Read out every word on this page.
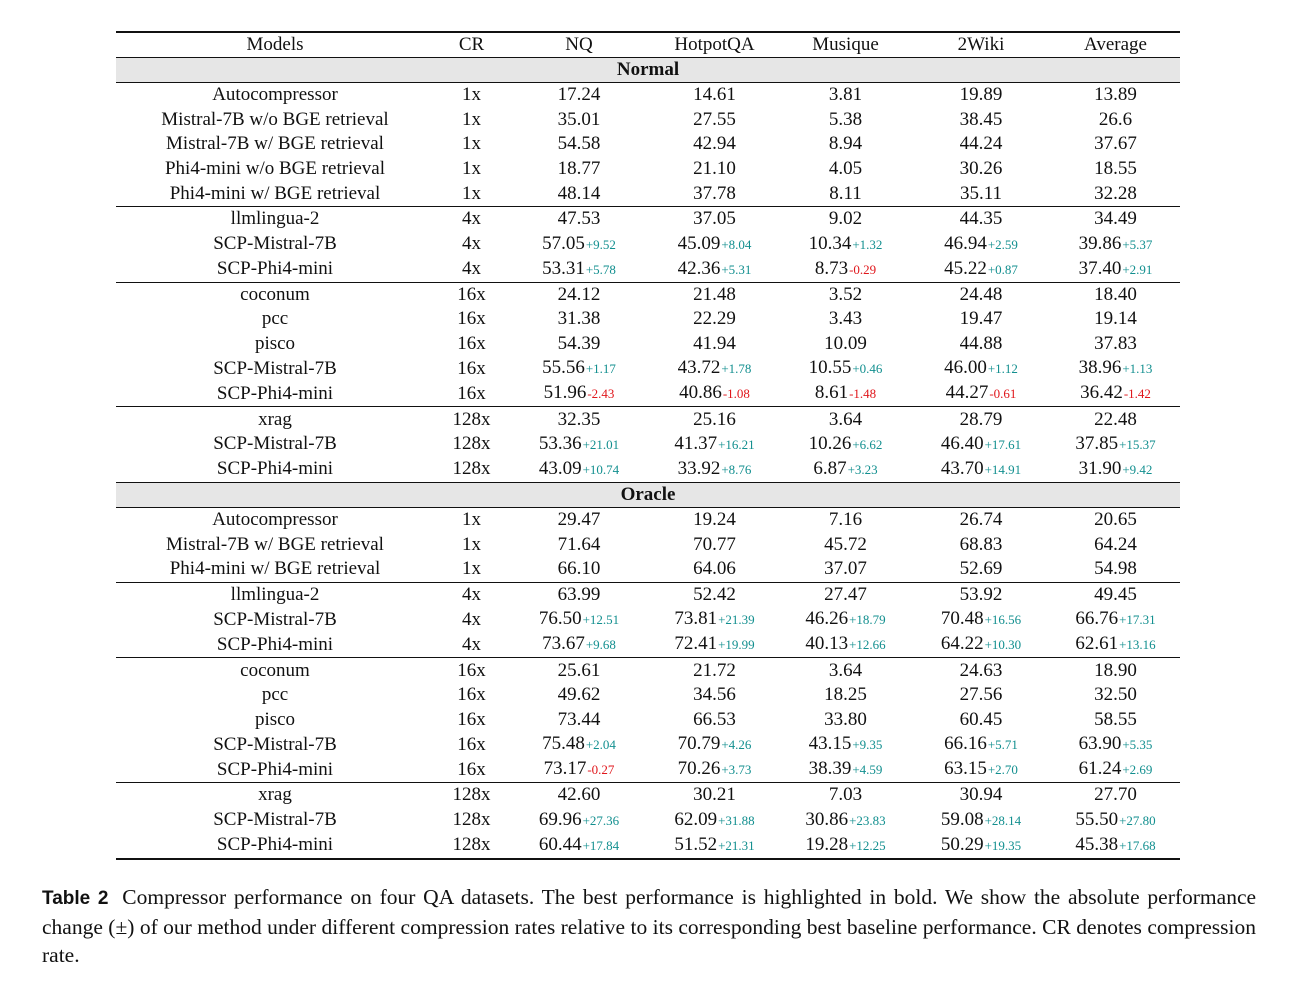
Models	CR	NQ	HotpotQA	Musique	2Wiki	Average
Normal						
Autocompressor	1x	17.24	14.61	3.81	19.89	13.89
Mistral-7B w/o BGE retrieval	1x	35.01	27.55	5.38	38.45	26.6
Mistral-7B w/ BGE retrieval	1x	54.58	42.94	8.94	44.24	37.67
Phi4-mini w/o BGE retrieval	1x	18.77	21.10	4.05	30.26	18.55
Phi4-mini w/ BGE retrieval	1x	48.14	37.78	8.11	35.11	32.28
llmlingua-2	4x	47.53	37.05	9.02	44.35	34.49
SCP-Mistral-7B	4x	57.05+9.52	45.09+8.04	10.34+1.32	46.94+2.59	39.86+5.37
SCP-Phi4-mini	4x	53.31+5.78	42.36+5.31	8.73-0.29	45.22+0.87	37.40+2.91
coconum	16x	24.12	21.48	3.52	24.48	18.40
pcc	16x	31.38	22.29	3.43	19.47	19.14
pisco	16x	54.39	41.94	10.09	44.88	37.83
SCP-Mistral-7B	16x	55.56+1.17	43.72+1.78	10.55+0.46	46.00+1.12	38.96+1.13
SCP-Phi4-mini	16x	51.96-2.43	40.86-1.08	8.61-1.48	44.27-0.61	36.42-1.42
xrag	128x	32.35	25.16	3.64	28.79	22.48
SCP-Mistral-7B	128x	53.36+21.01	41.37+16.21	10.26+6.62	46.40+17.61	37.85+15.37
SCP-Phi4-mini	128x	43.09+10.74	33.92+8.76	6.87+3.23	43.70+14.91	31.90+9.42
Oracle						
Autocompressor	1x	29.47	19.24	7.16	26.74	20.65
Mistral-7B w/ BGE retrieval	1x	71.64	70.77	45.72	68.83	64.24
Phi4-mini w/ BGE retrieval	1x	66.10	64.06	37.07	52.69	54.98
llmlingua-2	4x	63.99	52.42	27.47	53.92	49.45
SCP-Mistral-7B	4x	76.50+12.51	73.81+21.39	46.26+18.79	70.48+16.56	66.76+17.31
SCP-Phi4-mini	4x	73.67+9.68	72.41+19.99	40.13+12.66	64.22+10.30	62.61+13.16
coconum	16x	25.61	21.72	3.64	24.63	18.90
pcc	16x	49.62	34.56	18.25	27.56	32.50
pisco	16x	73.44	66.53	33.80	60.45	58.55
SCP-Mistral-7B	16x	75.48+2.04	70.79+4.26	43.15+9.35	66.16+5.71	63.90+5.35
SCP-Phi4-mini	16x	73.17-0.27	70.26+3.73	38.39+4.59	63.15+2.70	61.24+2.69
xrag	128x	42.60	30.21	7.03	30.94	27.70
SCP-Mistral-7B	128x	69.96+27.36	62.09+31.88	30.86+23.83	59.08+28.14	55.50+27.80
SCP-Phi4-mini	128x	60.44+17.84	51.52+21.31	19.28+12.25	50.29+19.35	45.38+17.68
Table 2 Compressor performance on four QA datasets. The best performance is highlighted in bold. We show the absolute performance change (±) of our method under different compression rates relative to its corresponding best baseline performance. CR denotes compression rate.
